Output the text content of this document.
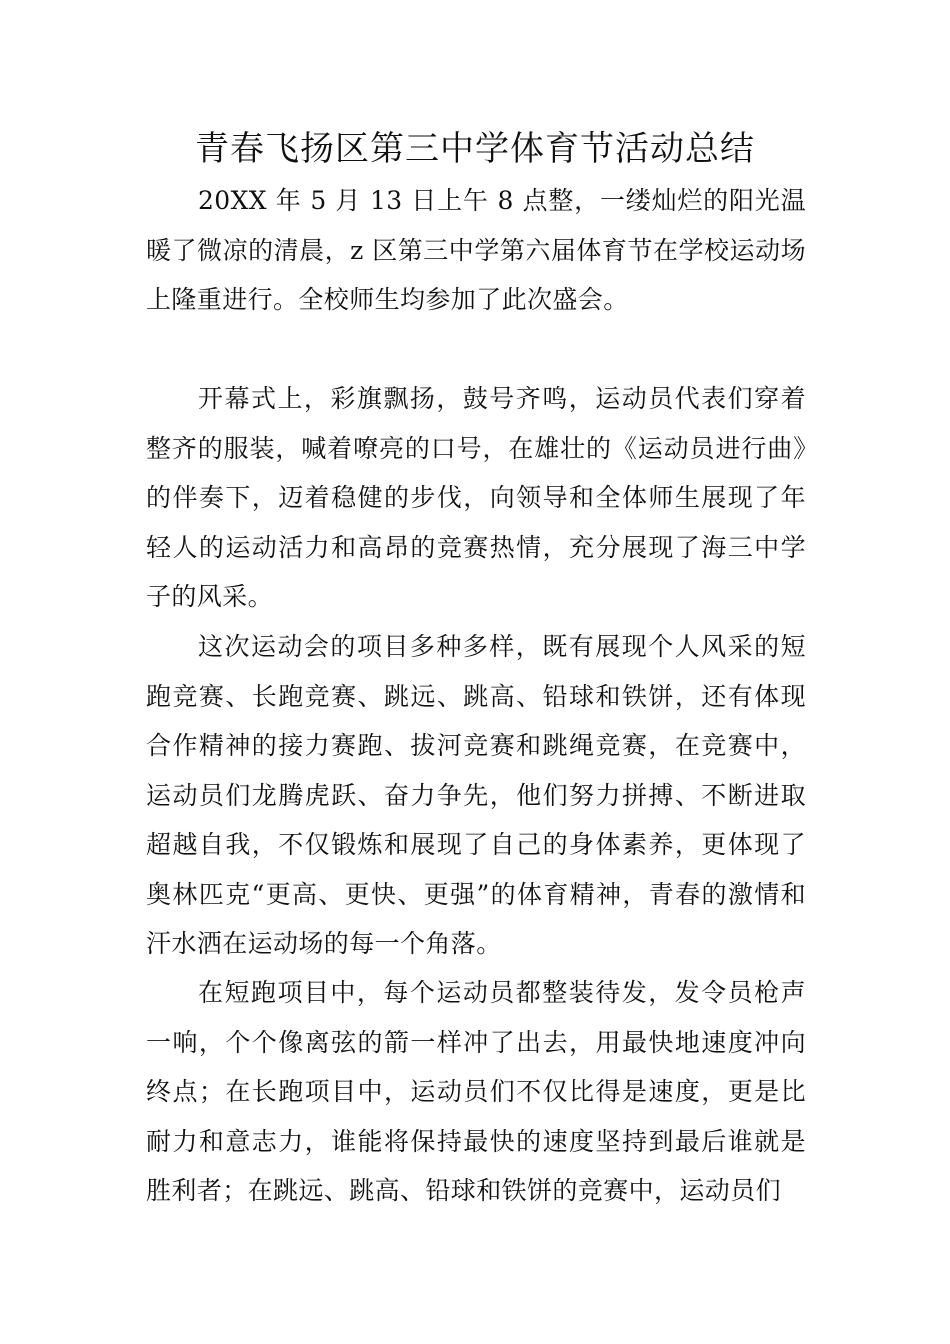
青春飞扬区第三中学体育节活动总结

20XX 年 5 月 13 日上午 8 点整，一缕灿烂的阳光温暖了微凉的清晨，z 区第三中学第六届体育节在学校运动场上隆重进行。全校师生均参加了此次盛会。

开幕式上，彩旗飘扬，鼓号齐鸣，运动员代表们穿着整齐的服装，喊着嘹亮的口号，在雄壮的《运动员进行曲》的伴奏下，迈着稳健的步伐，向领导和全体师生展现了年轻人的运动活力和高昂的竞赛热情，充分展现了海三中学子的风采。

这次运动会的项目多种多样，既有展现个人风采的短跑竞赛、长跑竞赛、跳远、跳高、铅球和铁饼，还有体现合作精神的接力赛跑、拔河竞赛和跳绳竞赛，在竞赛中，运动员们龙腾虎跃、奋力争先，他们努力拼搏、不断进取超越自我，不仅锻炼和展现了自己的身体素养，更体现了奥林匹克“更高、更快、更强”的体育精神，青春的激情和汗水洒在运动场的每一个角落。

在短跑项目中，每个运动员都整装待发，发令员枪声一响，个个像离弦的箭一样冲了出去，用最快地速度冲向终点；在长跑项目中，运动员们不仅比得是速度，更是比耐力和意志力，谁能将保持最快的速度坚持到最后谁就是胜利者；在跳远、跳高、铅球和铁饼的竞赛中，运动员们
